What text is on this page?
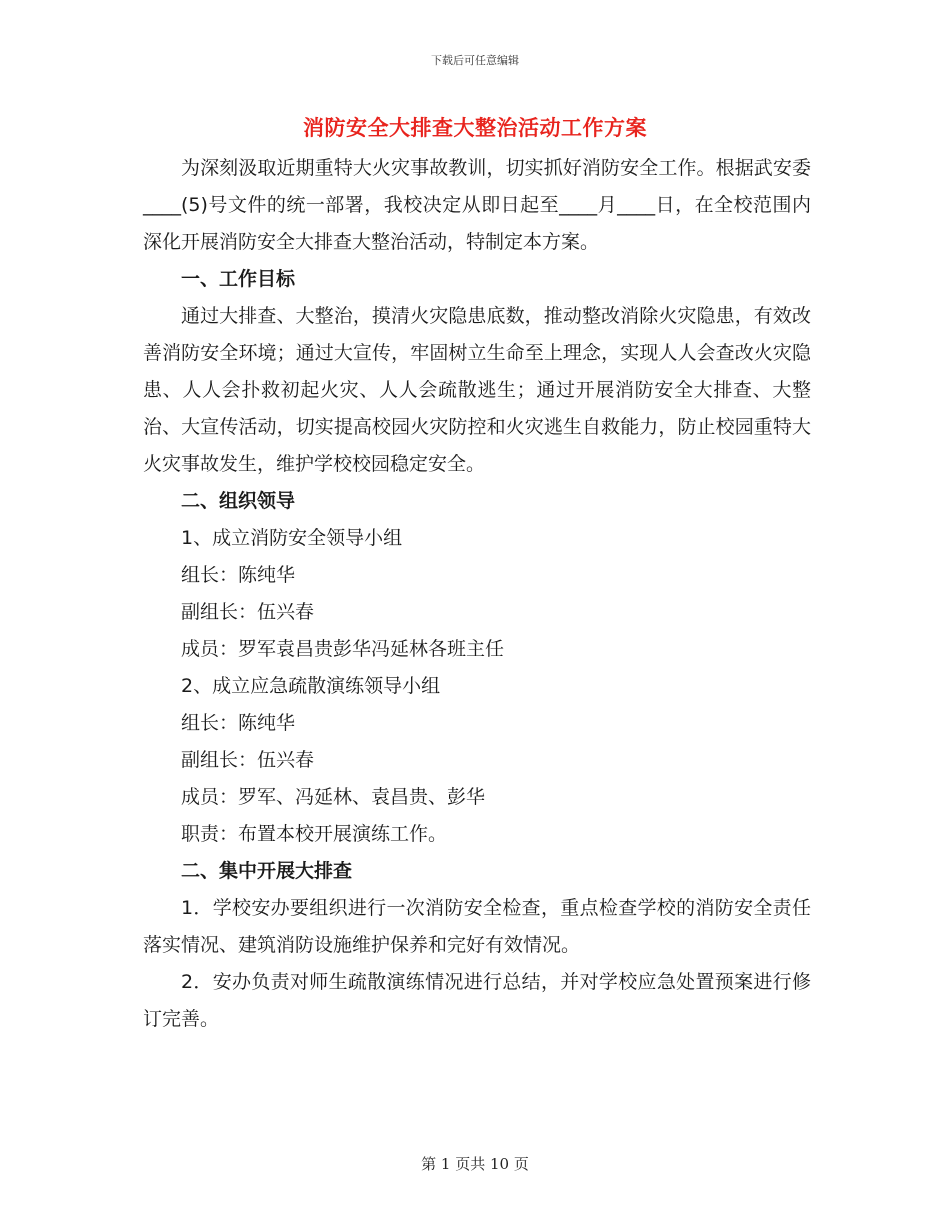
下载后可任意编辑
消防安全大排查大整治活动工作方案

为深刻汲取近期重特大火灾事故教训，切实抓好消防安全工作。根据武安委____(5)号文件的统一部署，我校决定从即日起至____月____日，在全校范围内深化开展消防安全大排查大整治活动，特制定本方案。

一、工作目标

通过大排查、大整治，摸清火灾隐患底数，推动整改消除火灾隐患，有效改善消防安全环境；通过大宣传，牢固树立生命至上理念，实现人人会查改火灾隐患、人人会扑救初起火灾、人人会疏散逃生；通过开展消防安全大排查、大整治、大宣传活动，切实提高校园火灾防控和火灾逃生自救能力，防止校园重特大火灾事故发生，维护学校校园稳定安全。

二、组织领导

1、成立消防安全领导小组

组长：陈纯华

副组长：伍兴春

成员：罗军袁昌贵彭华冯延林各班主任

2、成立应急疏散演练领导小组

组长：陈纯华

副组长：伍兴春

成员：罗军、冯延林、袁昌贵、彭华

职责：布置本校开展演练工作。

二、集中开展大排查

1．学校安办要组织进行一次消防安全检查，重点检查学校的消防安全责任落实情况、建筑消防设施维护保养和完好有效情况。

2．安办负责对师生疏散演练情况进行总结，并对学校应急处置预案进行修订完善。

第 1 页共 10 页
